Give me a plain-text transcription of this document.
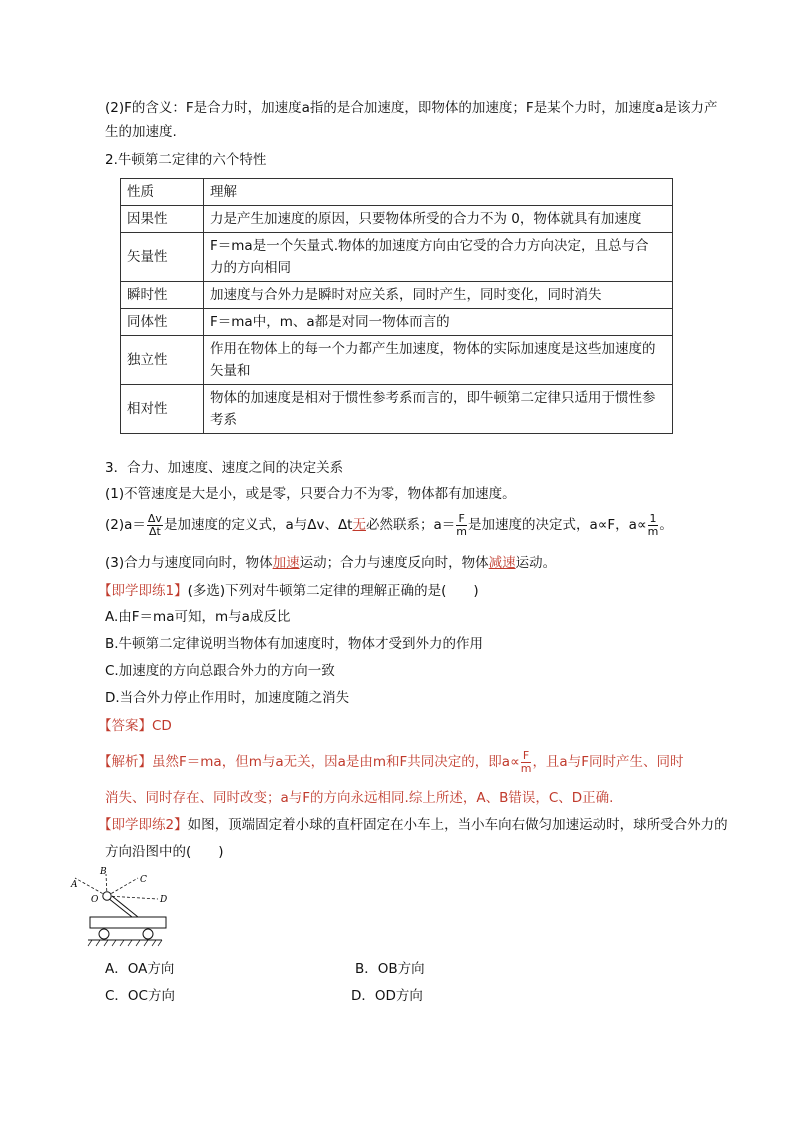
(2)F的含义：F是合力时，加速度a指的是合加速度，即物体的加速度；F是某个力时，加速度a是该力产
生的加速度.
2.牛顿第二定律的六个特性
性质	理解
因果性	力是产生加速度的原因，只要物体所受的合力不为 0，物体就具有加速度
矢量性	F＝ma是一个矢量式.物体的加速度方向由它受的合力方向决定，且总与合
力的方向相同
瞬时性	加速度与合外力是瞬时对应关系，同时产生，同时变化，同时消失
同体性	F＝ma中，m、a都是对同一物体而言的
独立性	作用在物体上的每一个力都产生加速度，物体的实际加速度是这些加速度的
矢量和
相对性	物体的加速度是相对于惯性参考系而言的，即牛顿第二定律只适用于惯性参
考系
3．合力、加速度、速度之间的决定关系
(1)不管速度是大是小，或是零，只要合力不为零，物体都有加速度。
$(2)a= \frac{\Delta v}{\Delta t}$ 是加速度的定义式，a与Δv、Δt无必然联系；$a= \frac{F}{m}$ 是加速度的决定式，a∝F，$a\propto \frac{1}{m}$ 。
(3)合力与速度同向时，物体加速运动；合力与速度反向时，物体减速运动。
【即学即练1】(多选)下列对牛顿第二定律的理解正确的是(　　)
A.由F＝ma可知，m与a成反比
B.牛顿第二定律说明当物体有加速度时，物体才受到外力的作用
C.加速度的方向总跟合外力的方向一致
D.当合外力停止作用时，加速度随之消失
【答案】CD
【解析】虽然F＝ma，但m与a无关，因a是由m和F共同决定的，即$a\propto \frac{F}{m}$ ，且a与F同时产生、同时
消失、同时存在、同时改变；a与F的方向永远相同.综上所述，A、B错误，C、D正确.
【即学即练2】如图，顶端固定着小球的直杆固定在小车上，当小车向右做匀加速运动时，球所受合外力的
方向沿图中的(　　)
A
B
C
D
O
A．OA方向	B．OB方向
C．OC方向	D．OD方向
